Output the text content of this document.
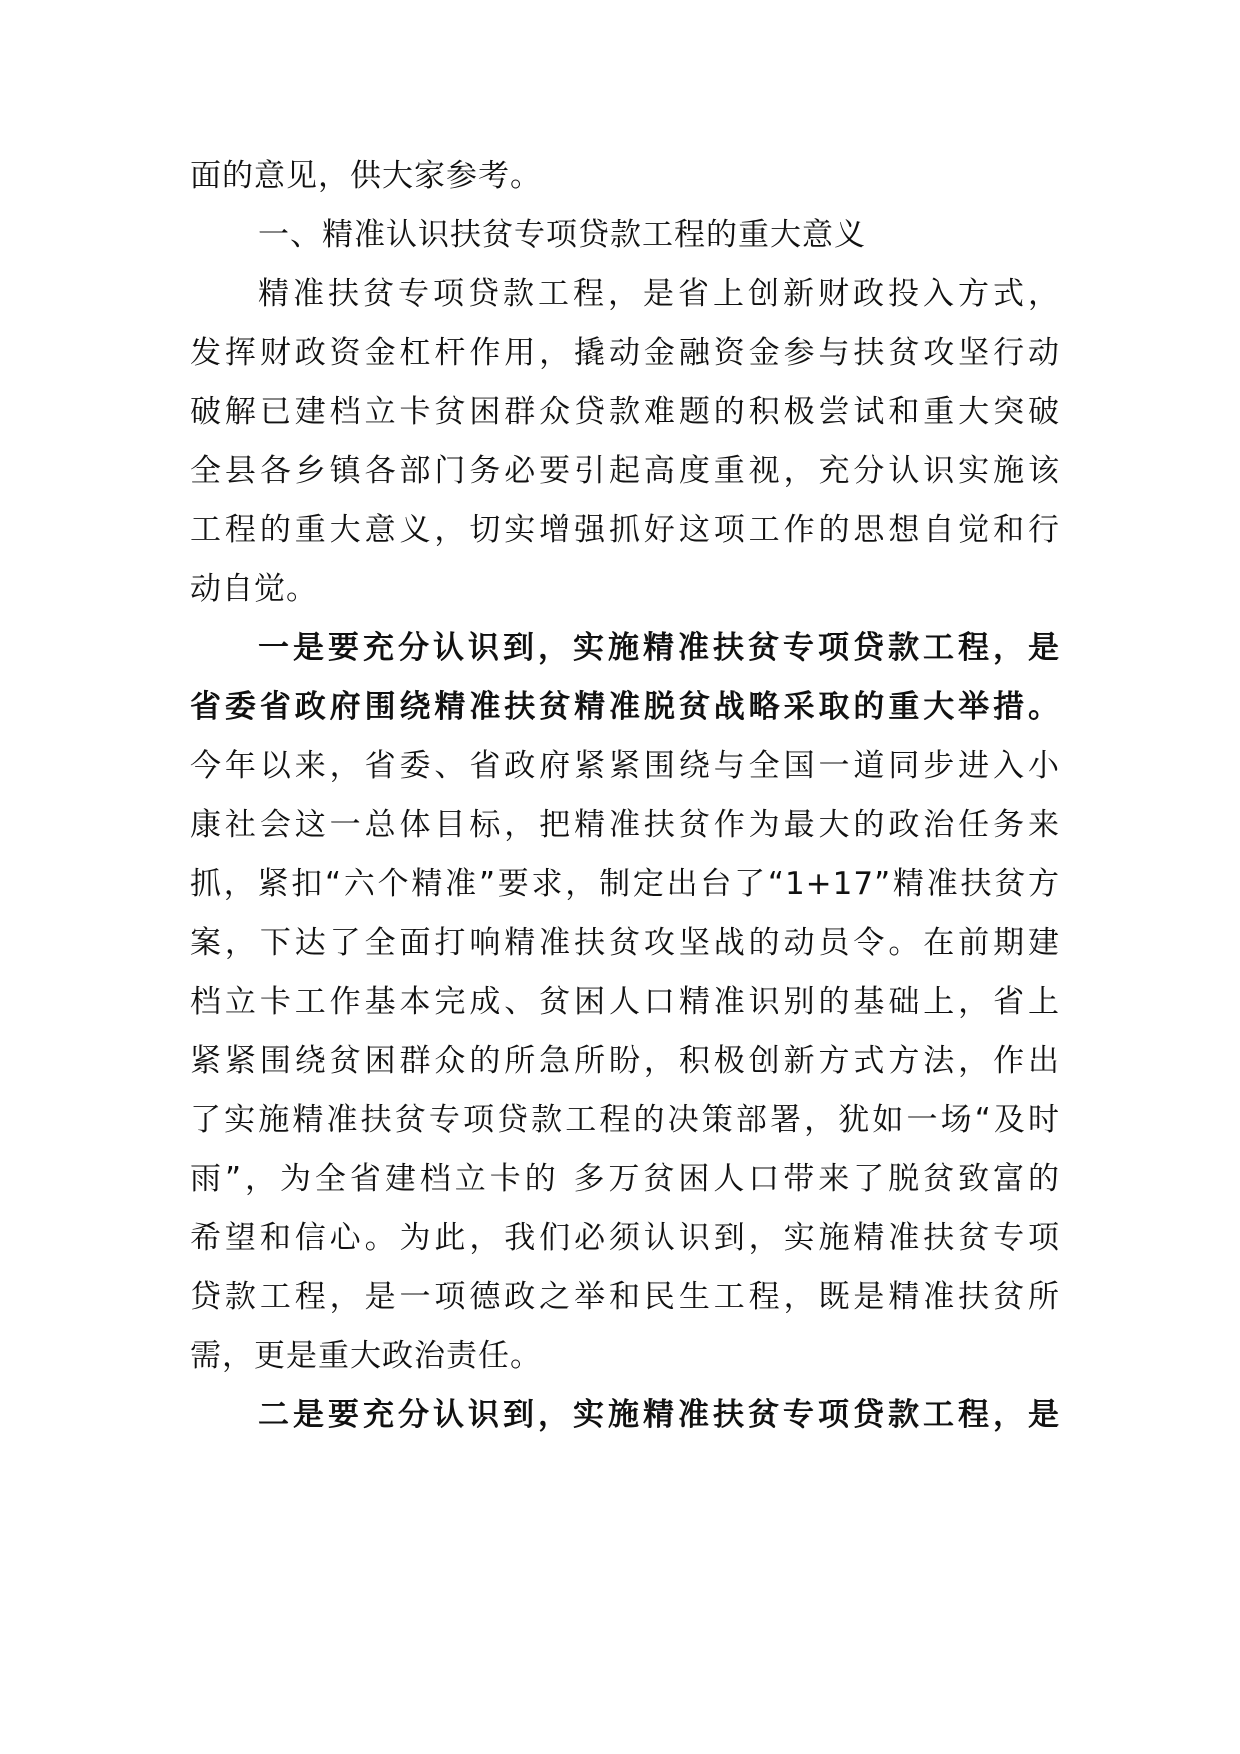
面的意见，供大家参考。
一、精准认识扶贫专项贷款工程的重大意义
精准扶贫专项贷款工程，是省上创新财政投入方式，
发挥财政资金杠杆作用，撬动金融资金参与扶贫攻坚行动
破解已建档立卡贫困群众贷款难题的积极尝试和重大突破
全县各乡镇各部门务必要引起高度重视，充分认识实施该
工程的重大意义，切实增强抓好这项工作的思想自觉和行
动自觉。
一是要充分认识到，实施精准扶贫专项贷款工程，是
省委省政府围绕精准扶贫精准脱贫战略采取的重大举措。
今年以来，省委、省政府紧紧围绕与全国一道同步进入小
康社会这一总体目标，把精准扶贫作为最大的政治任务来
抓，紧扣“六个精准”要求，制定出台了“1+17”精准扶贫方
案，下达了全面打响精准扶贫攻坚战的动员令。在前期建
档立卡工作基本完成、贫困人口精准识别的基础上，省上
紧紧围绕贫困群众的所急所盼，积极创新方式方法，作出
了实施精准扶贫专项贷款工程的决策部署，犹如一场“及时
雨”，为全省建档立卡的 多万贫困人口带来了脱贫致富的
希望和信心。为此，我们必须认识到，实施精准扶贫专项
贷款工程，是一项德政之举和民生工程，既是精准扶贫所
需，更是重大政治责任。
二是要充分认识到，实施精准扶贫专项贷款工程，是
